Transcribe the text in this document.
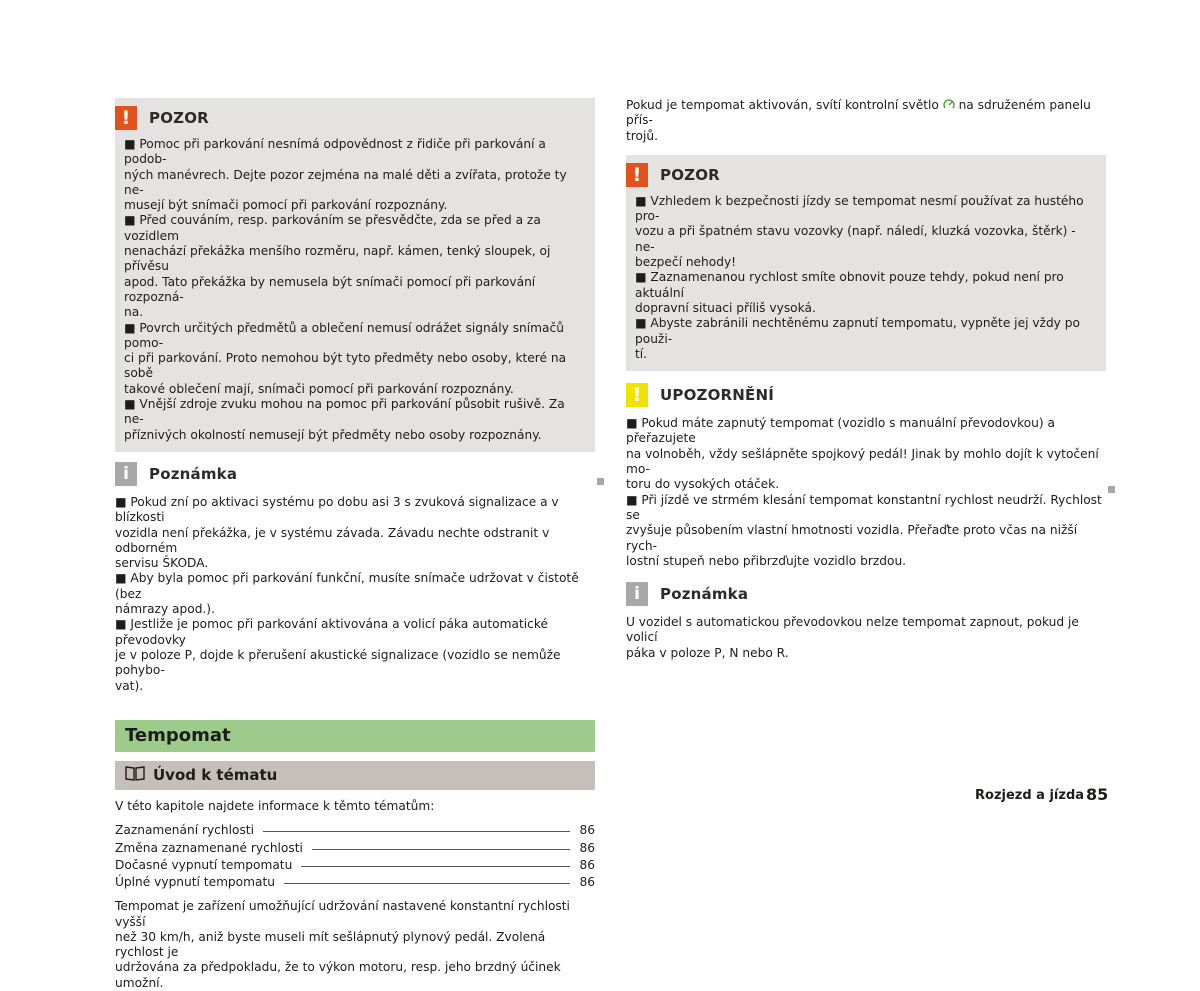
!	POZOR

■ Pomoc při parkování nesnímá odpovědnost z řidiče při parkování a podob-

ných manévrech. Dejte pozor zejména na malé děti a zvířata, protože ty ne-

musejí být snímači pomocí při parkování rozpoznány.

■ Před couváním, resp. parkováním se přesvědčte, zda se před a za vozidlem

nenachází překážka menšího rozměru, např. kámen, tenký sloupek, oj přívěsu

apod. Tato překážka by nemusela být snímači pomocí při parkování rozpozná-

na.

■ Povrch určitých předmětů a oblečení nemusí odrážet signály snímačů pomo-

ci při parkování. Proto nemohou být tyto předměty nebo osoby, které na sobě

takové oblečení mají, snímači pomocí při parkování rozpoznány.

■ Vnější zdroje zvuku mohou na pomoc při parkování působit rušivě. Za ne-

příznivých okolností nemusejí být předměty nebo osoby rozpoznány.

i	Poznámka

■ Pokud zní po aktivaci systému po dobu asi 3 s zvuková signalizace a v blízkosti

vozidla není překážka, je v systému závada. Závadu nechte odstranit v odborném

servisu ŠKODA.

■ Aby byla pomoc při parkování funkční, musíte snímače udržovat v čistotě (bez

námrazy apod.).

■ Jestliže je pomoc při parkování aktivována a volicí páka automatické převodovky

je v poloze P, dojde k přerušení akustické signalizace (vozidlo se nemůže pohybo-

vat).

Tempomat
Úvod k tématu

V této kapitole najdete informace k těmto tématům:

Zaznamenání rychlosti	86
Změna zaznamenané rychlosti	86
Dočasné vypnutí tempomatu	86
Úplné vypnutí tempomatu	86

Tempomat je zařízení umožňující udržování nastavené konstantní rychlosti vyšší

než 30 km/h, aniž byste museli mít sešlápnutý plynový pedál. Zvolená rychlost je

udržována za předpokladu, že to výkon motoru, resp. jeho brzdný účinek umožní.

Pokud je tempomat aktivován, svítí kontrolní světlo na sdruženém panelu přís-

trojů.

!	POZOR

■ Vzhledem k bezpečnosti jízdy se tempomat nesmí používat za hustého pro-

vozu a při špatném stavu vozovky (např. náledí, kluzká vozovka, štěrk) - ne-

bezpečí nehody!

■ Zaznamenanou rychlost smíte obnovit pouze tehdy, pokud není pro aktuální

dopravní situaci příliš vysoká.

■ Abyste zabránili nechtěnému zapnutí tempomatu, vypněte jej vždy po použi-

tí.

!	UPOZORNĚNÍ

■ Pokud máte zapnutý tempomat (vozidlo s manuální převodovkou) a přeřazujete

na volnoběh, vždy sešlápněte spojkový pedál! Jinak by mohlo dojít k vytočení mo-

toru do vysokých otáček.

■ Při jízdě ve strmém klesání tempomat konstantní rychlost neudrží. Rychlost se

zvyšuje působením vlastní hmotnosti vozidla. Přeřaďte proto včas na nižší rych-

lostní stupeň nebo přibrzďujte vozidlo brzdou.

i	Poznámka

U vozidel s automatickou převodovkou nelze tempomat zapnout, pokud je volicí

páka v poloze P, N nebo R.

Rozjezd a jízda 85
